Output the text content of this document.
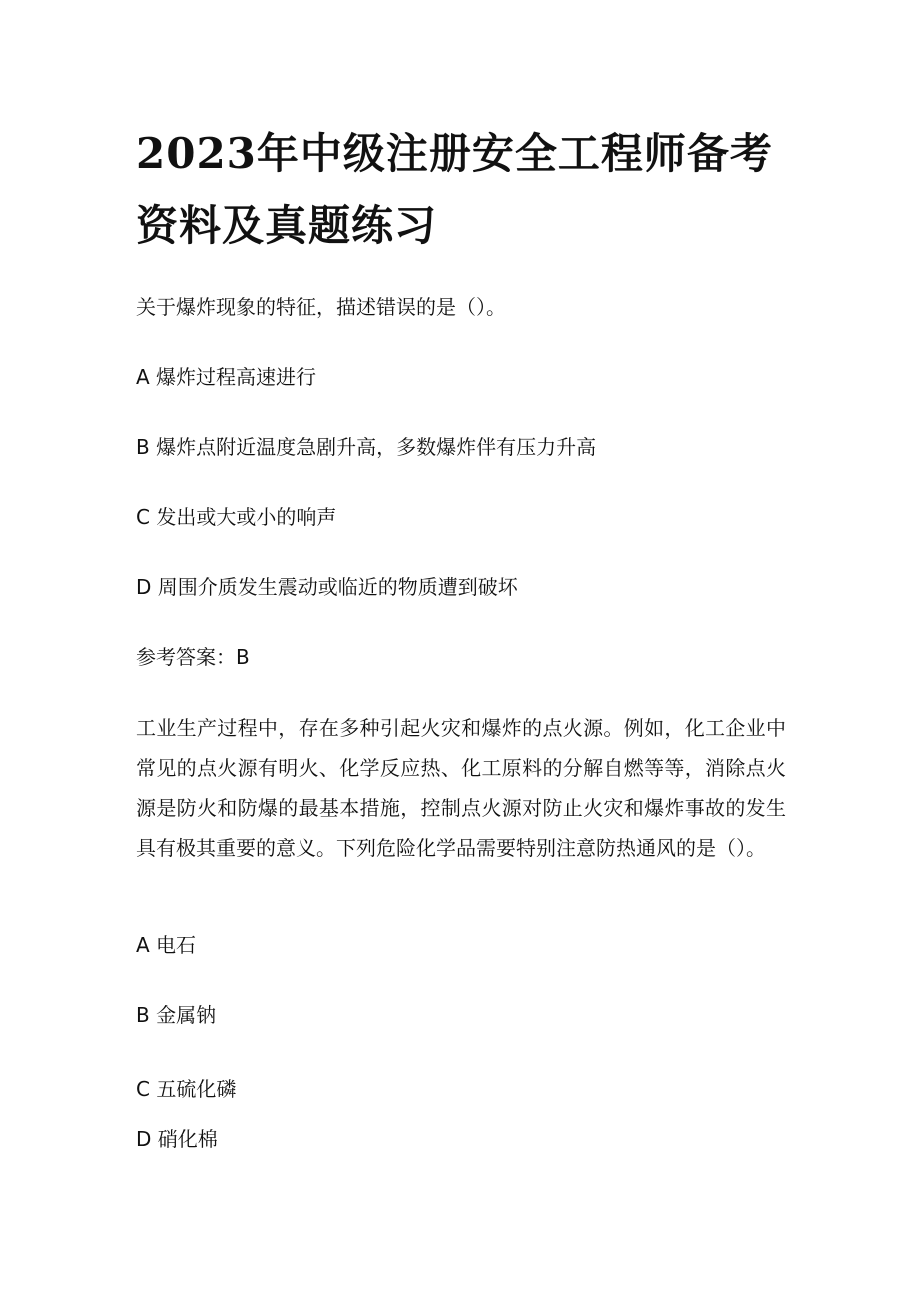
2023年中级注册安全工程师备考资料及真题练习

关于爆炸现象的特征，描述错误的是（）。

A 爆炸过程高速进行

B 爆炸点附近温度急剧升高，多数爆炸伴有压力升高

C 发出或大或小的响声

D 周围介质发生震动或临近的物质遭到破坏

参考答案：B

工业生产过程中，存在多种引起火灾和爆炸的点火源。例如，化工企业中常见的点火源有明火、化学反应热、化工原料的分解自燃等等，消除点火源是防火和防爆的最基本措施，控制点火源对防止火灾和爆炸事故的发生具有极其重要的意义。下列危险化学品需要特别注意防热通风的是（）。

A 电石

B 金属钠

C 五硫化磷

D 硝化棉
